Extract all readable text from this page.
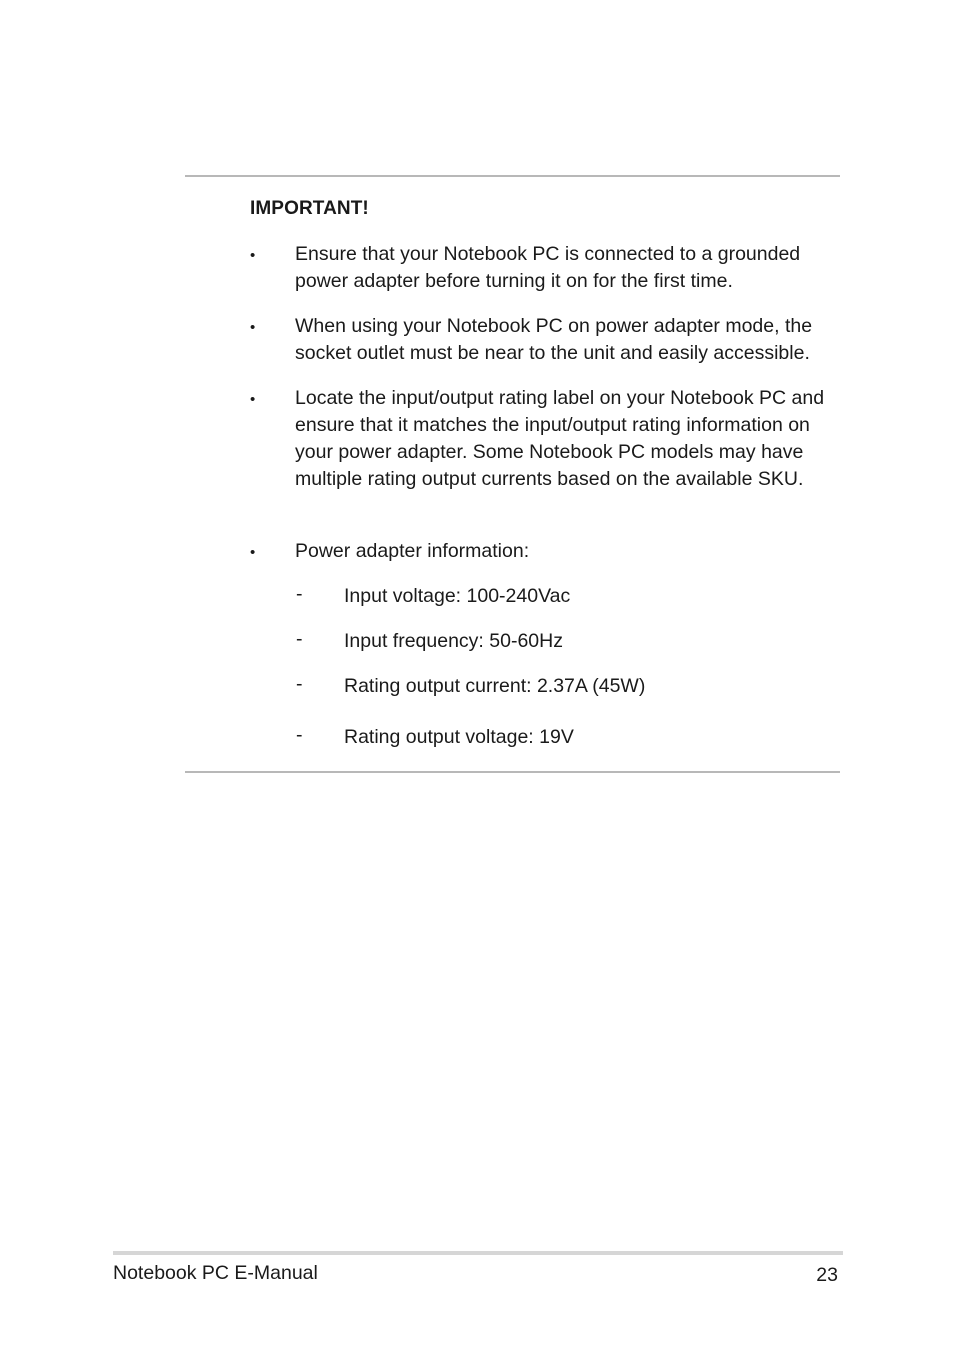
IMPORTANT!
• Ensure that your Notebook PC is connected to a grounded power adapter before turning it on for the first time.
• When using your Notebook PC on power adapter mode, the socket outlet must be near to the unit and easily accessible.
• Locate the input/output rating label on your Notebook PC and ensure that it matches the input/output rating information on your power adapter. Some Notebook PC models may have multiple rating output currents based on the available SKU.
• Power adapter information:
- Input voltage: 100-240Vac
- Input frequency: 50-60Hz
- Rating output current: 2.37A (45W)
- Rating output voltage: 19V
Notebook PC E-Manual	23
